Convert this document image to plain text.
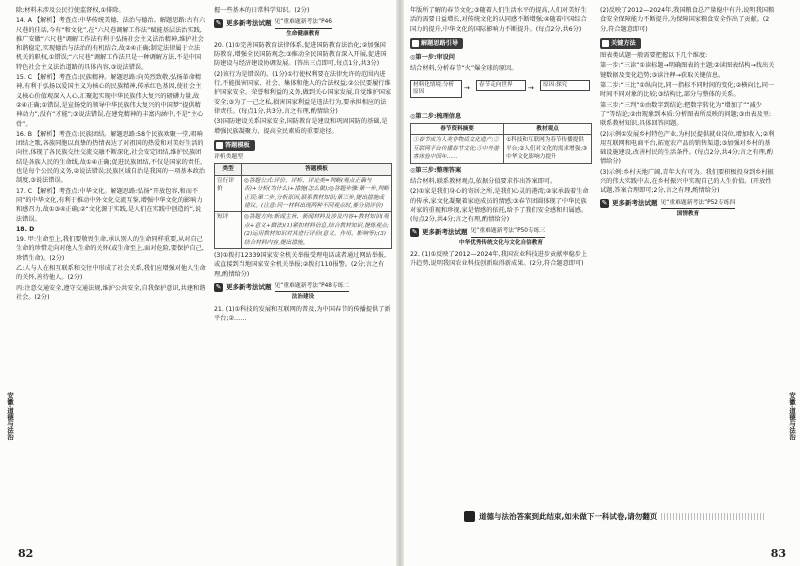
安徽·道德与法治

除;材料未涉及公民行使监督权,①排除。

14. A 【解析】考查点:中华传统美德、法治与德治。解题思路:古有六尺巷的佳话,今有“和文化”,在“六尺巷调解工作法”赋能基层法治实践,推广安徽“六尺巷”调解工作法有利于弘扬社会主义法治精神,维护社会和谐稳定,实现德治与法治的有机结合,故②④正确;制定法律属于立法机关的职权,①错误;“六尺巷”调解工作法只是一种调解方法,不是中国特色社会主义法治道路的具体内容,③说法错误。

15. C 【解析】考查点:民族精神。解题思路:向英烈致敬,弘扬革命精神,有利于弘扬以爱国主义为核心的民族精神,传承红色基因,使社会主义核心价值观深入人心,汇聚起实现中华民族伟大复兴的磅礴力量,故②④正确;①错误,是宣扬党的领导中华民族伟大复兴的中国梦“提供精神动力”,没有“才能”;③说法错误,在建党精神的丰富内涵中,不是“主心骨”。

16. B 【解析】考查点:民族团结。解题思路:58个民族欢聚一堂,唱响团结之歌,各族同胞以真挚的热情表达了对祖国的热爱和对美好生活的向往,体现了各民族交往交流交融不断深化,社会安定团结,维护民族团结是各族人民的生命线,故①④正确;促进民族团结,不仅是国家的责任,也是每个公民的义务,②说法错误;民族区域自治是我国的一项基本政治制度,③说法错误。

17. C 【解析】考查点:中华文化。解题思路:弘扬“开放包容,和而不同”的中华文化,有利于推动中外文化交流互鉴,增强中华文化的影响力和感召力,故①③④正确;②“文化源于实践,是人们在实践中创造的”,说法错误。

18. D

19. 甲:生命至上,我们要敬畏生命,承认别人的生命同样重要,从对自己生命的珍惜走向对他人生命的关怀(或生命至上,面对危险,要保护自己,珍惜生命)。(2分)

乙:人与人在相互联系和交往中形成了社会关系,我们应增强对他人生命的关怀,善待他人。(2分)

丙:注意交通安全,遵守交通法规,维护公共安全,自我保护意识,共建和谐社会。(2分)

握一些基本的日常科学知识。(2分)

✎ 更多新考法试题 见“重难题新考法”P46
生命健康教育

20. (1)①完善国防教育法律体系,促进国防教育法治化;②加强国防教育,增强全民国防观念;③推动全民国防教育深入开展,促进国防建设与经济建设协调发展。(答出三点即可,每点1分,共3分)

(2)该行为是错误的。(1分)①行使权利要在法律允许的范围内进行,不能损害国家、社会、集体和他人的合法权益;②公民要履行维护国家安全、荣誉和利益的义务,做到关心国家发展,自觉维护国家安全;③为了一己之私,损害国家利益是违法行为,要承担相应的法律责任。(每点1分,共3分,言之有理,酌情给分)

(3)国防建设关系国家安全,国防教育是建设和巩固国防的基础,是增强民族凝聚力、提高全民素质的重要途径。

答题模板
评析类题型
类型	答题模板
宣行评价	◎答题公式:评价、评析、评论类=判断(观点正确与否)+分析(为什么)+措施(怎么做);◎答题步骤:第一步,判断正误;第二步,分析原因,联系教材知识;第三步,提出措施或建议。(注意:同一材料出现两种不同观点时,要分别评价)
短评	◎答题方向:新闻主旨、新闻材料及涉及内容+教材知识(观点+意义+做法)(1)紧扣材料信息,结合教材知识,提炼观点;(2)运用教材知识对其进行评价(意义、作用、影响等);(3)结合材料内容,提出措施。

(3)①拨打12339国家安全机关举报受理电话或者通过网站举报,或直接到当地国家安全机关举报;②拨打110报警。(2分;言之有理,酌情给分)

✎ 更多新考法试题 见“重难题新考法”P48专练二
法治建设

21. (1)①科技的发展和互联网的普及,为中国春节的传播提供了新平台;②……

82

年版所了解的春节文化;③随着人们生活水平的提高,人们对美好生活的需要日益增长,对传统文化的认同感不断增强;④随着中国综合国力的提升,中华文化的国际影响力不断提升。(每点2分,共6分)

解题思路引导
◎第一步:审设问

结合材料,分析春节“火”爆全球的原因。

材料化情境:分析原因	→	春节走向世界	→	原因:探究
◎第二步:梳理信息
春节资料摘要	教材观点
①春节成为人类非物质文化遗产;②互联网平台传播春节文化;③中外游客体验中国年……	①科技和互联网为春节传播提供平台;②人们对文化的需求增强;③中华文化影响力提升
◎第三步:整理答案

结合材料,联系教材观点,依据分值要求作出答案即可。

(2)①家是我们身心的寄居之所,是我们心灵的港湾;②家承载着生命的传承,家文化凝聚着家庭成员的情感;③春节团圆体现了中华民族对家的重视和珍视,家是情感的依托,给予了我们安全感和归属感。(每点2分,共4分;言之有理,酌情给分)

✎ 更多新考法试题 见“重难题新考法”P50专练三
中华优秀传统文化与文化自信教育

22. (1)①反映了2012—2024年,我国农业科技进步贡献率稳步上升趋势,说明我国农业科技创新取得新成果。(2分,符合题意即可)

(2)反映了2012—2024年,我国粮食总产量稳中有升,说明我国粮食安全保障能力不断提升,为保障国家粮食安全作出了贡献。(2分,符合题意即可)

关键方法

图表类试题一般需要把握以下几个维度:

第一步:“三读”①读标题→明确图表的主题;②读图表结构→找出关键数据及变化趋势;③读注释→获取关键信息。

第二步:“三比”①纵向比,同一指标不同时间的变化;②横向比,同一时间不同对象的比较;③结构比,部分与整体的关系。

第三步:“三判”①由数字到结论:把数字转化为“增加了”“减少了”等结论;②由现象到本质:分析图表所反映的问题;③由表及里:联系教材知识,具体回答问题。

(2)示例①发展乡村特色产业,为村民提供就业岗位,增加收入;②利用互联网和电商平台,拓宽农产品的销售渠道;③加强对乡村的基础设施建设,改善村民的生活条件。(每点2分,共4分;言之有理,酌情给分)

(3)示例:乡村天地广阔,青年大有可为。我们要积极投身到乡村振兴的伟大实践中去,在乡村振兴中实现自己的人生价值。(开放性试题,答案合理即可;2分,言之有理,酌情给分)

✎ 更多新考法试题 见“重难题新考法”P52专练四
国情教育
安徽·道德与法治
道德与法治答案到此结束,如未做下一科试卷,请勿翻页
83
